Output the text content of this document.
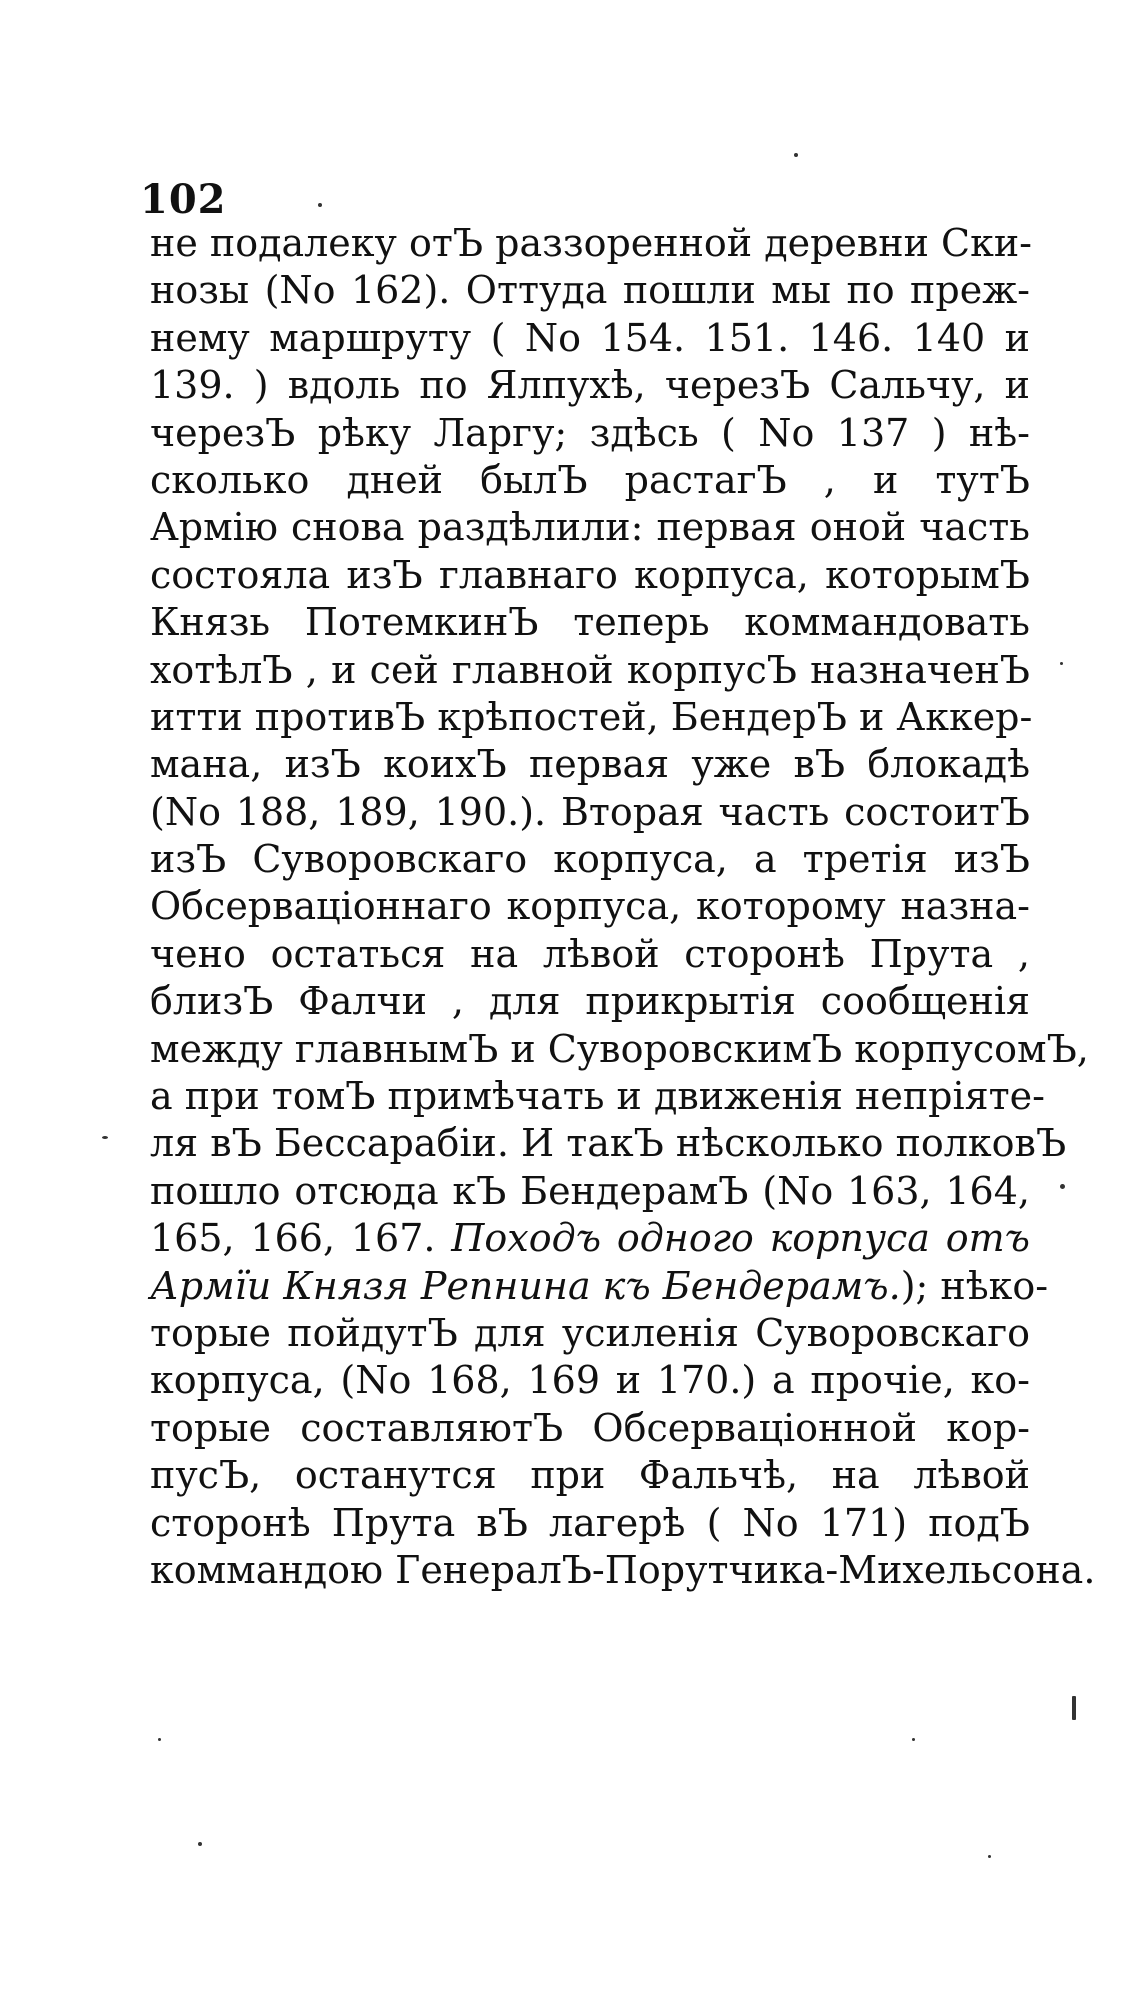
102
не подалеку отЪ раззоренной деревни Ски-
нозы (No 162). Оттуда пошли мы по преж-
нему маршруту ( No 154. 151. 146. 140 и
139. ) вдоль по Ялпухѣ, черезЪ Сальчу, и
черезЪ рѣку Ларгу; здѣсь ( No 137 ) нѣ-
сколько дней былЪ растагЪ , и тутЪ
Армію снова раздѣлили: первая оной часть
состояла изЪ главнаго корпуса, которымЪ
Князь ПотемкинЪ теперь коммандовать
хотѣлЪ , и сей главной корпусЪ назначенЪ
итти противЪ крѣпостей, БендерЪ и Аккер-
мана, изЪ коихЪ первая уже вЪ блокадѣ
(No 188, 189, 190.). Вторая часть состоитЪ
изЪ Суворовскаго корпуса, а третія изЪ
Обсерваціоннаго корпуса, которому назна-
чено остаться на лѣвой сторонѣ Прута ,
близЪ Фалчи , для прикрытія сообщенія
между главнымЪ и СуворовскимЪ корпусомЪ,
а при томЪ примѣчать и движенія непріяте-
ля вЪ Бессарабіи. И такЪ нѣсколько полковЪ
пошло отсюда кЪ БендерамЪ (No 163, 164,
165, 166, 167. Походъ одного корпуса отъ
Армїи Князя Репнина къ Бендерамъ.); нѣко-
торые пойдутЪ для усиленія Суворовскаго
корпуса, (No 168, 169 и 170.) а прочіе, ко-
торые составляютЪ Обсерваціонной кор-
пусЪ, останутся при Фальчѣ, на лѣвой
сторонѣ Прута вЪ лагерѣ ( No 171) подЪ
коммандою ГенералЪ-Порутчика-Михельсона.
